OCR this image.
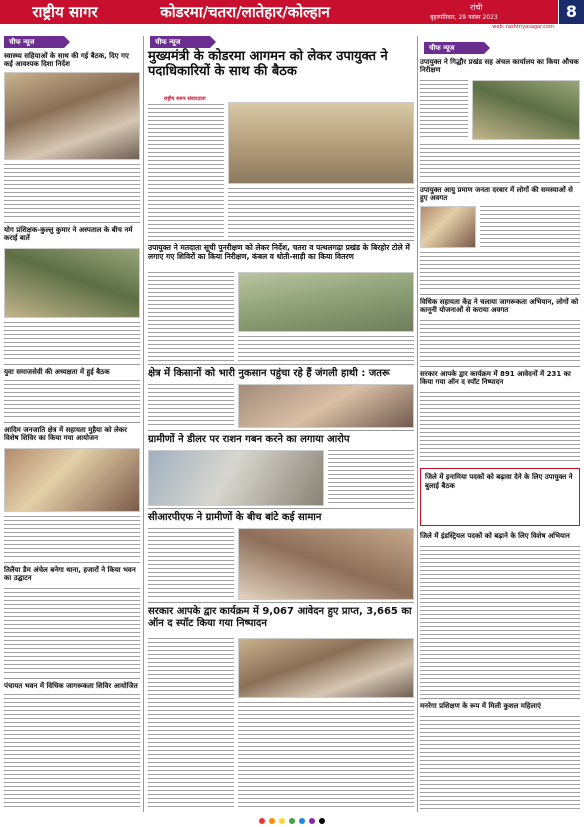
राष्ट्रीय सागर	कोडरमा/चतरा/लातेहार/कोल्हान	रांची
बृहस्पतिवार, 29 नवंबर 2023	8
web: rashtriyasagar.com
चीफ न्यूज	चीफ न्यूज
चीफ न्यूज
स्वास्थ्य सहियाओं के साथ की गई बैठक, दिए गए कई आवश्यक दिशा निर्देश
योग प्रशिक्षक-कुल्लु कुमार ने अस्पताल के बीच नर्म कराई बातें
युवा समाजसेवी की अध्यक्षता में हुई बैठक
आदिम जनजाति क्षेत्र में सहायता मुहैया को लेकर विशेष शिविर का किया गया आयोजन
तिलैया डैम अंचेल बनेगा थाना, हजारों ने किया भवन का उद्घाटन
पंचायत भवन में विधिक जागरूकता शिविर आयोजित
मुख्यमंत्री के कोडरमा आगमन को लेकर उपायुक्त ने पदाधिकारियों के साथ की बैठक
राष्ट्रीय सागर संवाददाता
उपायुक्त ने मतदाता सूची पुनरीक्षण को लेकर निर्देश, चतरा व पत्थलगढ़ा प्रखंड के बिरहोर टोले में लगाए गए शिविरों का किया निरीक्षण, कंबल व धोती-साड़ी का किया वितरण
क्षेत्र में किसानों को भारी नुकसान पहुंचा रहे हैं जंगली हाथी : जतरू
ग्रामीणों ने डीलर पर राशन गबन करने का लगाया आरोप
सीआरपीएफ ने ग्रामीणों के बीच बांटे कई सामान
सरकार आपके द्वार कार्यक्रम में 9,067 आवेदन हुए प्राप्त, 3,665 का ऑन द स्पॉट किया गया निष्पादन
उपायुक्त ने गिद्धौर प्रखंड सह अंचल कार्यालय का किया औचक निरीक्षण
उपायुक्त आयु प्रमाण जनता दरबार में लोगों की समस्याओं से हुए अवगत
विधिक सहायता केंद्र ने चलाया जागरूकता अभियान, लोगों को कानूनी योजनाओं से कराया अवगत
सरकार आपके द्वार कार्यक्रम में 891 आवेदनों में 231 का किया गया ऑन द स्पॉट निष्पादन
जिले में इनामिया पदकों को बढ़ावा देने के लिए उपायुक्त ने बुलाई बैठक
जिले में इंडस्ट्रियल पदकों को बढ़ाने के लिए विशेष अभियान
मनरेगा प्रशिक्षण के रूप में मिली कुशल महिलाएं
